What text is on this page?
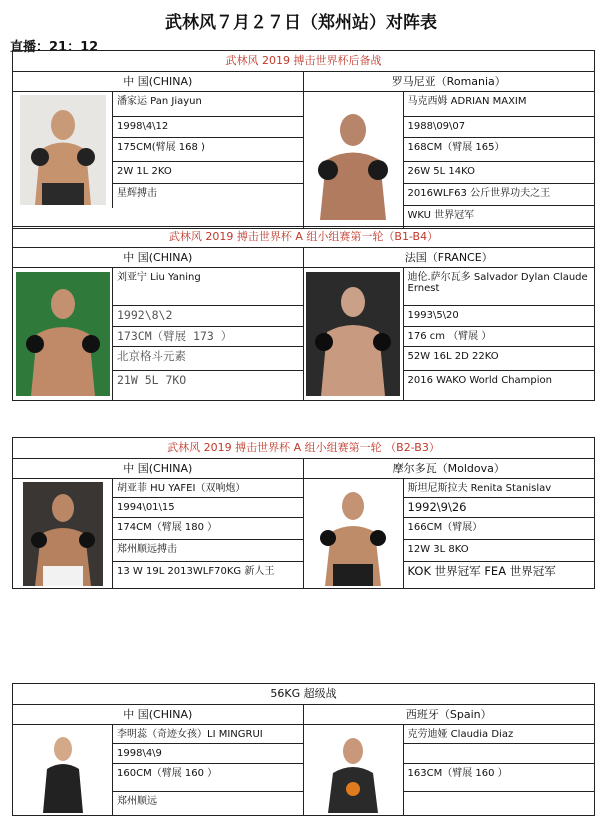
武林风７月２７日（郑州站）对阵表
直播：21：12
武林风 2019 搏击世界杯后备战
中 国(CHINA)
潘家运 Pan Jiayun
1998\4\12
175CM(臂展 168 )
2W 1L 2KO
星辉搏击
罗马尼亚（Romania）
马克西姆 ADRIAN MAXIM
1988\09\07
168CM（臂展 165）
26W 5L 14KO
2016WLF63 公斤世界功夫之王
WKU 世界冠军
武林风 2019 搏击世界杯 A 组小组赛第一轮（B1-B4）
中 国(CHINA)
刘亚宁 Liu Yaning
1992\8\2
173CM（臂展 173 ）
北京格斗元素
21W 5L 7KO
法国（FRANCE）
迪伦.萨尔瓦多 Salvador Dylan Claude Ernest
1993\5\20
176 cm （臂展 ）
52W 16L 2D 22KO
2016 WAKO World Champion
武林风 2019 搏击世界杯 A 组小组赛第一轮 （B2-B3）
中 国(CHINA)
胡亚菲 HU YAFEI（双响炮）
1994\01\15
174CM（臂展 180 ）
郑州顺远搏击
13 W 19L 2013WLF70KG 新人王
摩尔多瓦（Moldova）
斯坦尼斯拉夫 Renita Stanislav
1992\9\26
166CM（臂展）
12W 3L 8KO
KOK 世界冠军 FEA 世界冠军
56KG 超级战
中 国(CHINA)
李明蕊（奇迹女孩）LI MINGRUI
1998\4\9
160CM（臂展 160 ）
郑州顺远
西班牙（Spain）
克劳迪娅 Claudia Diaz
163CM（臂展 160 ）
